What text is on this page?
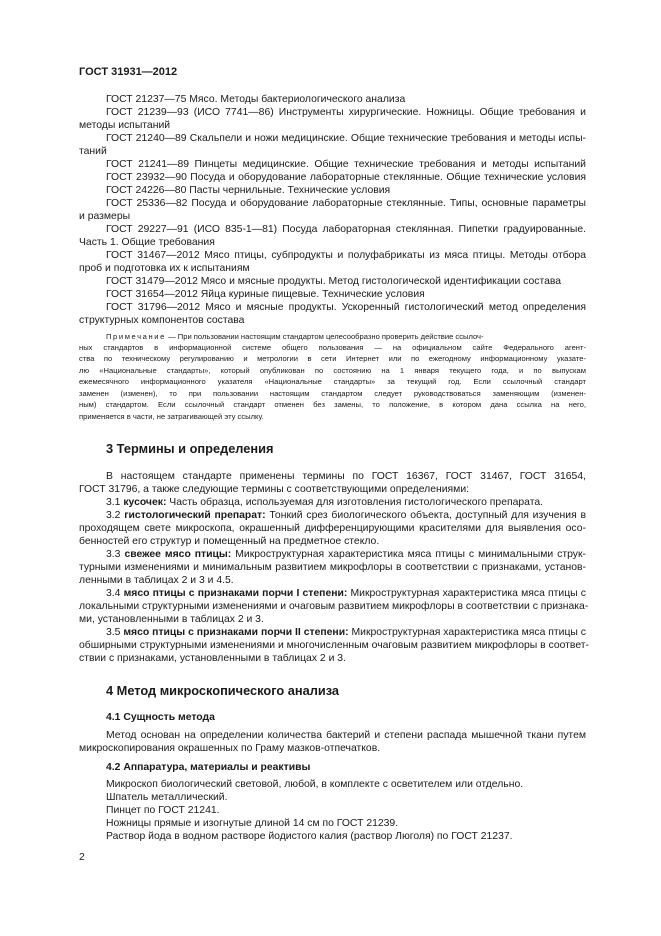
ГОСТ 31931—2012
ГОСТ 21237—75 Мясо. Методы бактериологического анализа
ГОСТ 21239—93 (ИСО 7741—86) Инструменты хирургические. Ножницы. Общие требования и
методы испытаний
ГОСТ 21240—89 Скальпели и ножи медицинские. Общие технические требования и методы испы-
таний
ГОСТ 21241—89 Пинцеты медицинские. Общие технические требования и методы испытаний
ГОСТ 23932—90 Посуда и оборудование лабораторные стеклянные. Общие технические условия
ГОСТ 24226—80 Пасты чернильные. Технические условия
ГОСТ 25336—82 Посуда и оборудование лабораторные стеклянные. Типы, основные параметры
и размеры
ГОСТ 29227—91 (ИСО 835-1—81) Посуда лабораторная стеклянная. Пипетки градуированные.
Часть 1. Общие требования
ГОСТ 31467—2012 Мясо птицы, субпродукты и полуфабрикаты из мяса птицы. Методы отбора
проб и подготовка их к испытаниям
ГОСТ 31479—2012 Мясо и мясные продукты. Метод гистологической идентификации состава
ГОСТ 31654—2012 Яйца куриные пищевые. Технические условия
ГОСТ 31796—2012 Мясо и мясные продукты. Ускоренный гистологический метод определения
структурных компонентов состава
Примечание — При пользовании настоящим стандартом целесообразно проверить действие ссылоч-
ных стандартов в информационной системе общего пользования — на официальном сайте Федерального агент-
ства по техническому регулированию и метрологии в сети Интернет или по ежегодному информационному указате-
лю «Национальные стандарты», который опубликован по состоянию на 1 января текущего года, и по выпускам
ежемесячного информационного указателя «Национальные стандарты» за текущий год. Если ссылочный стандарт
заменен (изменен), то при пользовании настоящим стандартом следует руководствоваться заменяющим (изменен-
ным) стандартом. Если ссылочный стандарт отменен без замены, то положение, в котором дана ссылка на него,
применяется в части, не затрагивающей эту ссылку.
3 Термины и определения
В настоящем стандарте применены термины по ГОСТ 16367, ГОСТ 31467, ГОСТ 31654,
ГОСТ 31796, а также следующие термины с соответствующими определениями:
3.1 кусочек: Часть образца, используемая для изготовления гистологического препарата.
3.2 гистологический препарат: Тонкий срез биологического объекта, доступный для изучения в
проходящем свете микроскопа, окрашенный дифференцирующими красителями для выявления осо-
бенностей его структур и помещенный на предметное стекло.
3.3 свежее мясо птицы: Микроструктурная характеристика мяса птицы с минимальными струк-
турными изменениями и минимальным развитием микрофлоры в соответствии с признаками, установ-
ленными в таблицах 2 и 3 и 4.5.
3.4 мясо птицы с признаками порчи I степени: Микроструктурная характеристика мяса птицы с
локальными структурными изменениями и очаговым развитием микрофлоры в соответствии с признака-
ми, установленными в таблицах 2 и 3.
3.5 мясо птицы с признаками порчи II степени: Микроструктурная характеристика мяса птицы с
обширными структурными изменениями и многочисленным очаговым развитием микрофлоры в соответ-
ствии с признаками, установленными в таблицах 2 и 3.
4 Метод микроскопического анализа
4.1 Сущность метода
Метод основан на определении количества бактерий и степени распада мышечной ткани путем
микроскопирования окрашенных по Граму мазков-отпечатков.
4.2 Аппаратура, материалы и реактивы
Микроскоп биологический световой, любой, в комплекте с осветителем или отдельно.
Шпатель металлический.
Пинцет по ГОСТ 21241.
Ножницы прямые и изогнутые длиной 14 см по ГОСТ 21239.
Раствор йода в водном растворе йодистого калия (раствор Люголя) по ГОСТ 21237.
2
